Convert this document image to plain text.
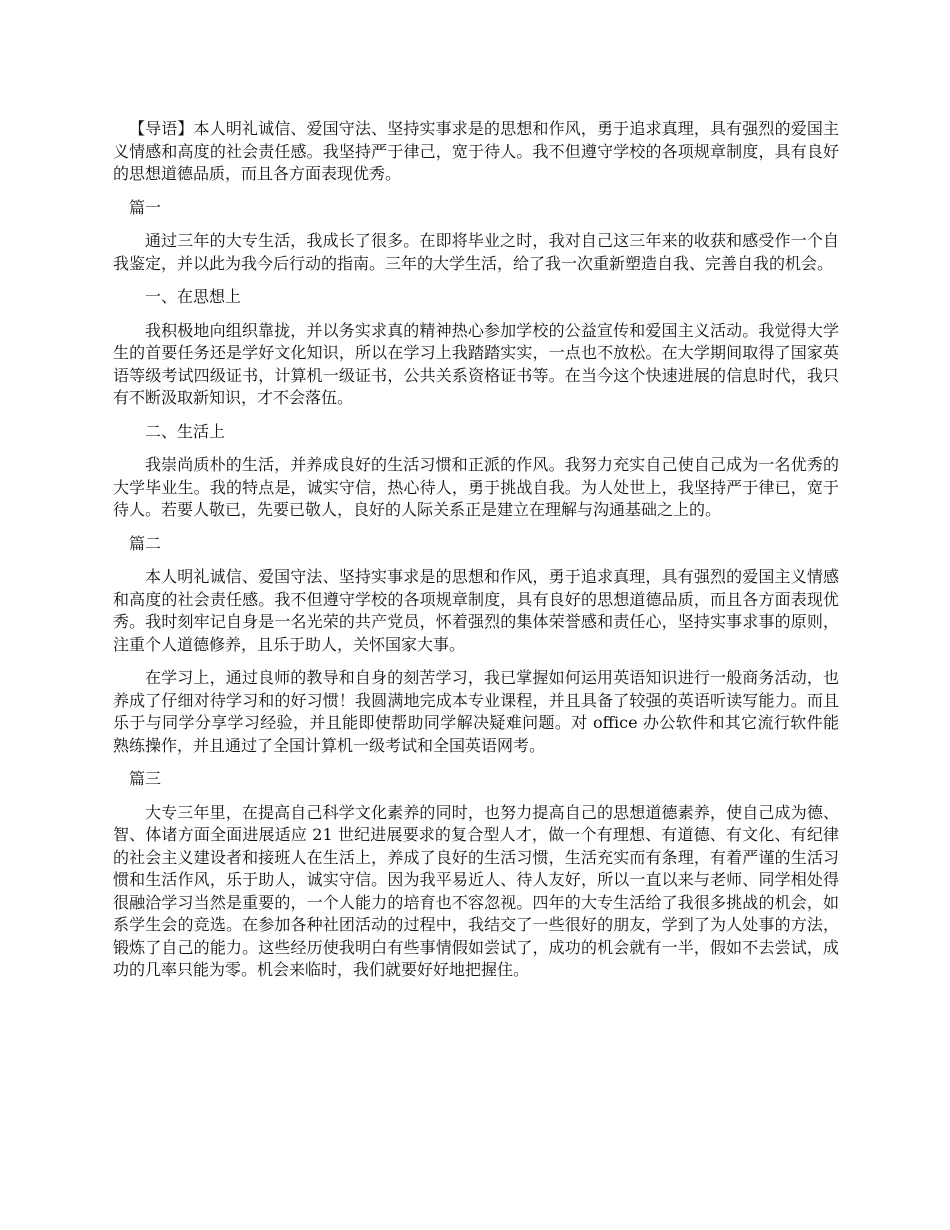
【导语】本人明礼诚信、爱国守法、坚持实事求是的思想和作风，勇于追求真理，具有强烈的爱国主义情感和高度的社会责任感。我坚持严于律己，宽于待人。我不但遵守学校的各项规章制度，具有良好的思想道德品质，而且各方面表现优秀。

篇一

通过三年的大专生活，我成长了很多。在即将毕业之时，我对自己这三年来的收获和感受作一个自我鉴定，并以此为我今后行动的指南。三年的大学生活，给了我一次重新塑造自我、完善自我的机会。

一、在思想上

我积极地向组织靠拢，并以务实求真的精神热心参加学校的公益宣传和爱国主义活动。我觉得大学生的首要任务还是学好文化知识，所以在学习上我踏踏实实，一点也不放松。在大学期间取得了国家英语等级考试四级证书，计算机一级证书，公共关系资格证书等。在当今这个快速进展的信息时代，我只有不断汲取新知识，才不会落伍。

二、生活上

我崇尚质朴的生活，并养成良好的生活习惯和正派的作风。我努力充实自己使自己成为一名优秀的大学毕业生。我的特点是，诚实守信，热心待人，勇于挑战自我。为人处世上，我坚持严于律已，宽于待人。若要人敬已，先要已敬人，良好的人际关系正是建立在理解与沟通基础之上的。

篇二

本人明礼诚信、爱国守法、坚持实事求是的思想和作风，勇于追求真理，具有强烈的爱国主义情感和高度的社会责任感。我不但遵守学校的各项规章制度，具有良好的思想道德品质，而且各方面表现优秀。我时刻牢记自身是一名光荣的共产党员，怀着强烈的集体荣誉感和责任心，坚持实事求事的原则，注重个人道德修养，且乐于助人，关怀国家大事。

在学习上，通过良师的教导和自身的刻苦学习，我已掌握如何运用英语知识进行一般商务活动，也养成了仔细对待学习和的好习惯！我圆满地完成本专业课程，并且具备了较强的英语听读写能力。而且乐于与同学分享学习经验，并且能即使帮助同学解决疑难问题。对 office 办公软件和其它流行软件能熟练操作，并且通过了全国计算机一级考试和全国英语网考。

篇三

大专三年里，在提高自己科学文化素养的同时，也努力提高自己的思想道德素养，使自己成为德、智、体诸方面全面进展适应 21 世纪进展要求的复合型人才，做一个有理想、有道德、有文化、有纪律的社会主义建设者和接班人在生活上，养成了良好的生活习惯，生活充实而有条理，有着严谨的生活习惯和生活作风，乐于助人，诚实守信。因为我平易近人、待人友好，所以一直以来与老师、同学相处得很融洽学习当然是重要的，一个人能力的培育也不容忽视。四年的大专生活给了我很多挑战的机会，如系学生会的竞选。在参加各种社团活动的过程中，我结交了一些很好的朋友，学到了为人处事的方法，锻炼了自己的能力。这些经历使我明白有些事情假如尝试了，成功的机会就有一半，假如不去尝试，成功的几率只能为零。机会来临时，我们就要好好地把握住。
